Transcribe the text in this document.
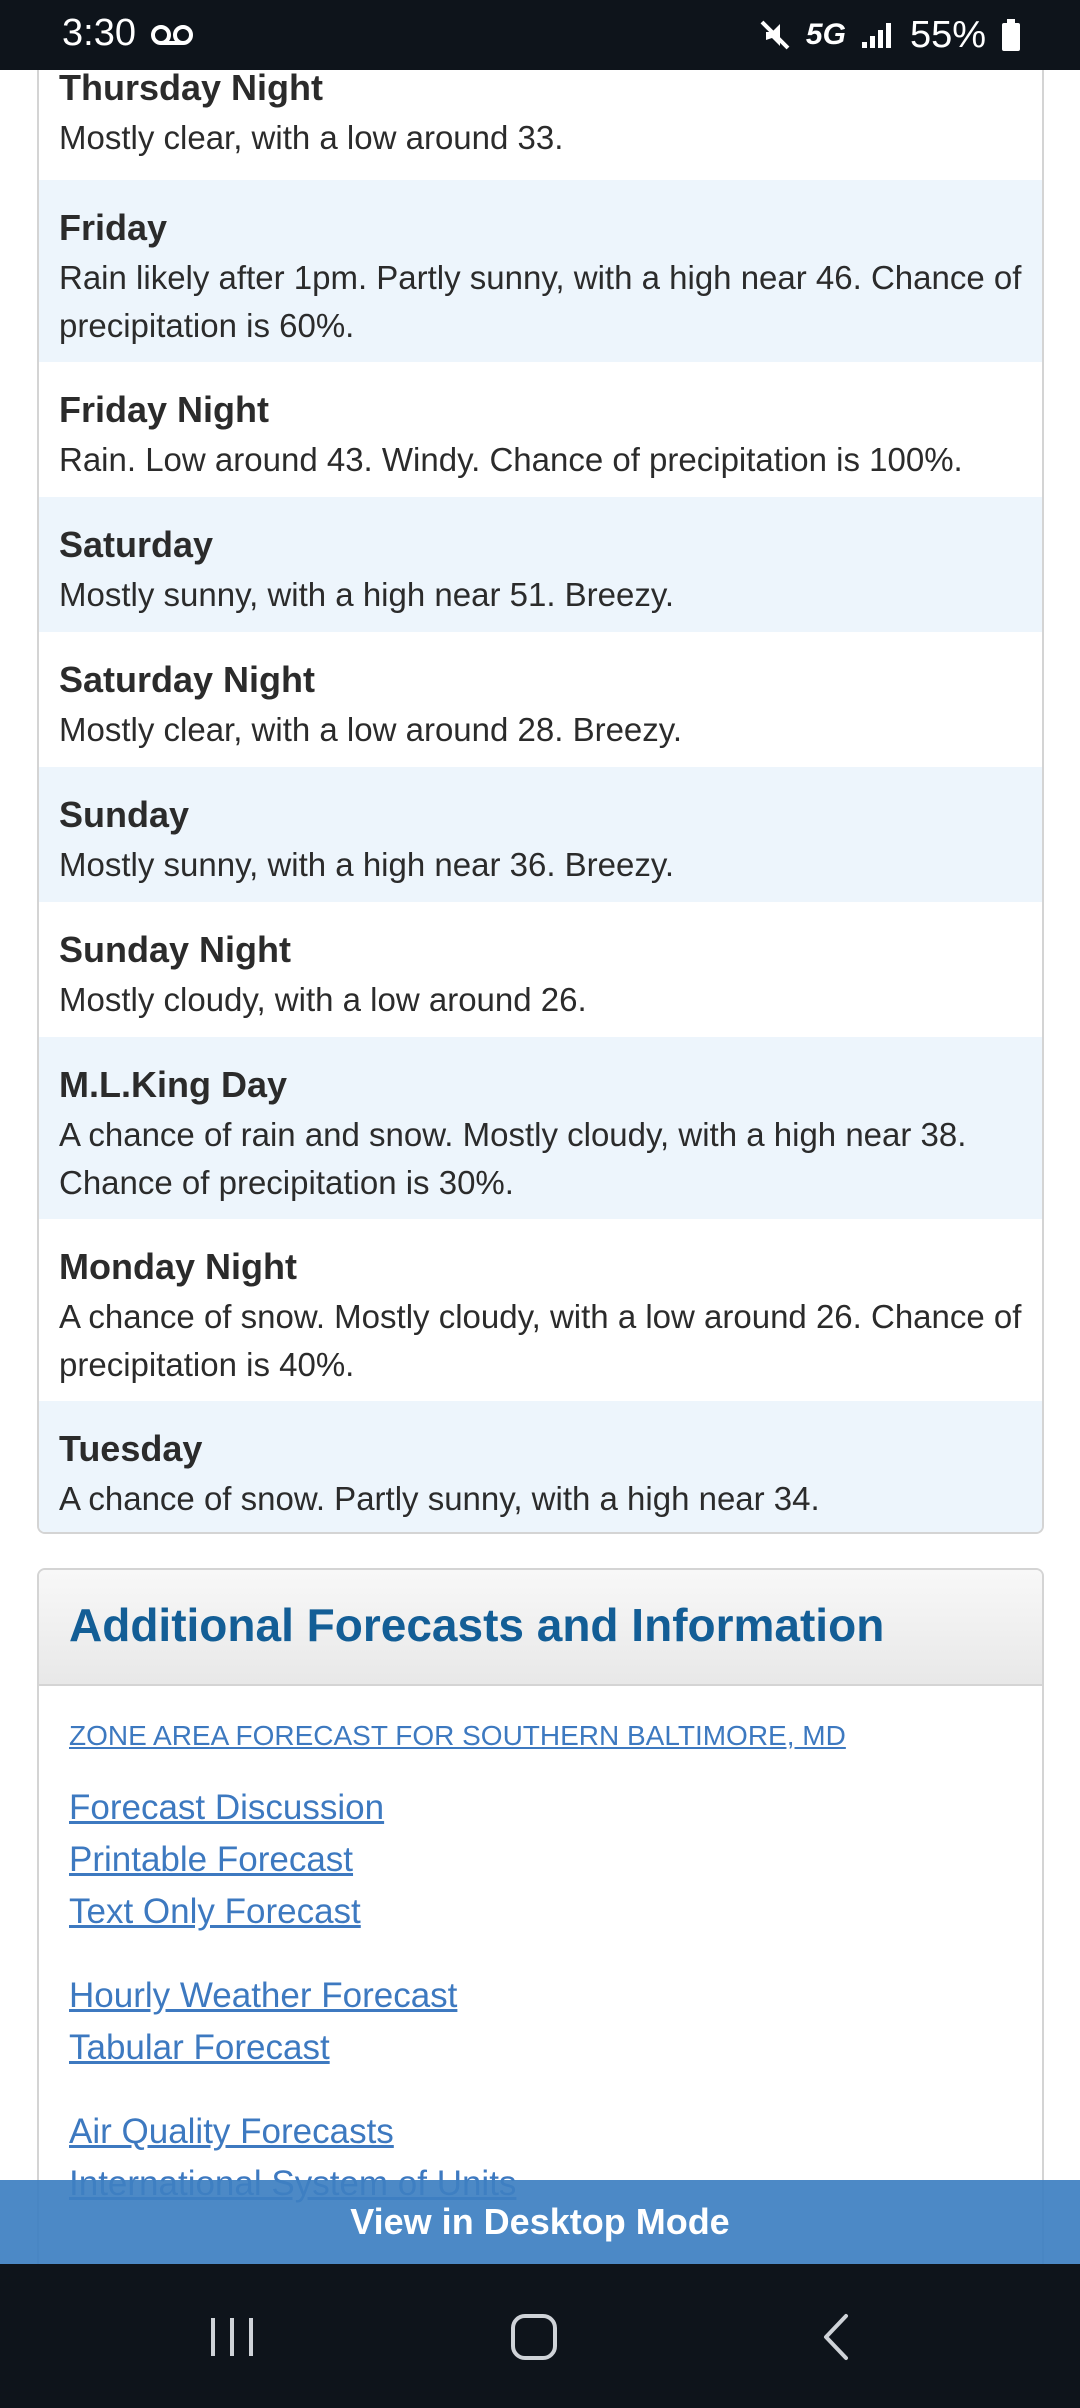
3:30	5G 55%
Thursday Night
Mostly clear, with a low around 33.
Friday
Rain likely after 1pm. Partly sunny, with a high near 46. Chance of precipitation is 60%.
Friday Night
Rain. Low around 43. Windy. Chance of precipitation is 100%.
Saturday
Mostly sunny, with a high near 51. Breezy.
Saturday Night
Mostly clear, with a low around 28. Breezy.
Sunday
Mostly sunny, with a high near 36. Breezy.
Sunday Night
Mostly cloudy, with a low around 26.
M.L.King Day
A chance of rain and snow. Mostly cloudy, with a high near 38. Chance of precipitation is 30%.
Monday Night
A chance of snow. Mostly cloudy, with a low around 26. Chance of precipitation is 40%.
Tuesday
A chance of snow. Partly sunny, with a high near 34.
Additional Forecasts and Information
ZONE AREA FORECAST FOR SOUTHERN BALTIMORE, MD
Forecast Discussion
Printable Forecast
Text Only Forecast
Hourly Weather Forecast
Tabular Forecast
Air Quality Forecasts
View in Desktop Mode
